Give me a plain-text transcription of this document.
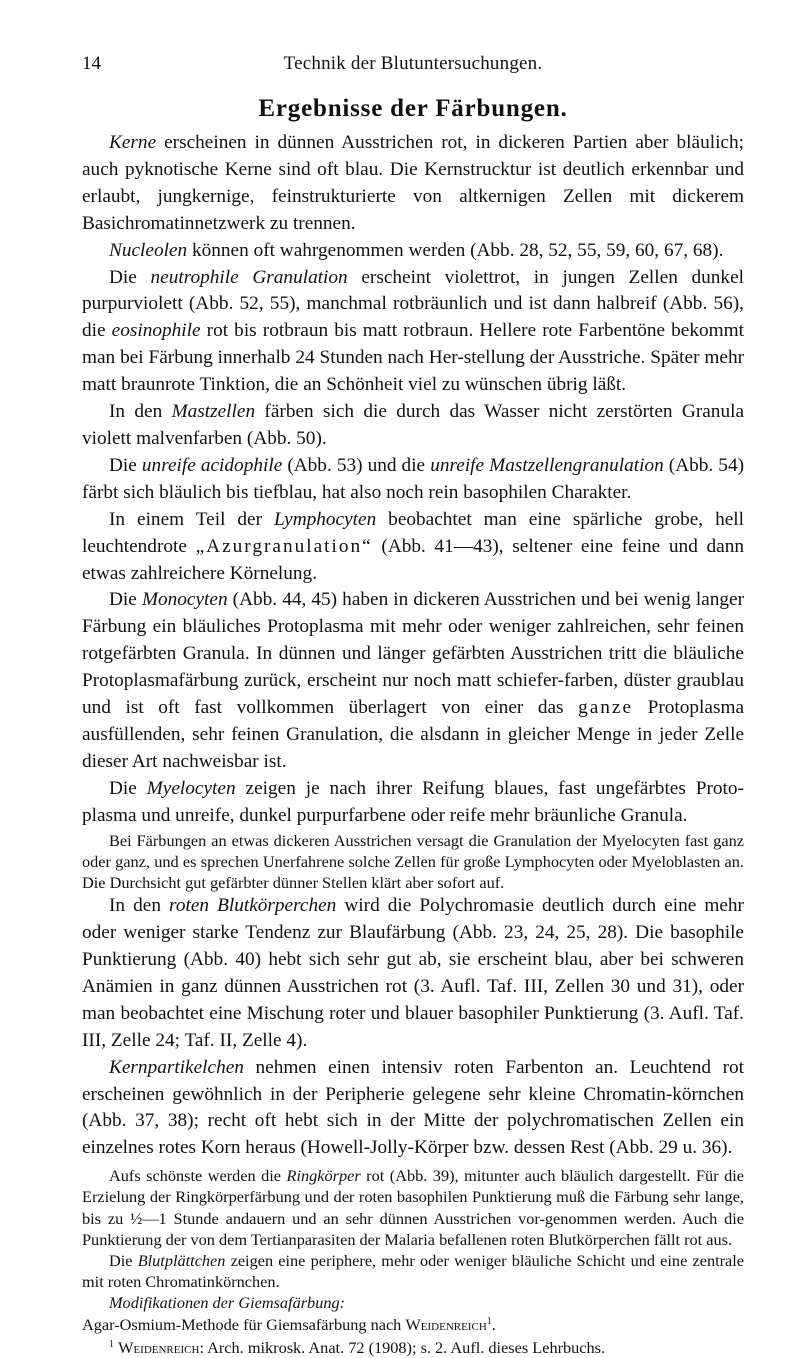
14	Technik der Blutuntersuchungen.
Ergebnisse der Färbungen.

Kerne erscheinen in dünnen Ausstrichen rot, in dickeren Partien aber bläulich; auch pyknotische Kerne sind oft blau. Die Kernstrucktur ist deutlich erkennbar und erlaubt, jungkernige, feinstrukturierte von altkernigen Zellen mit dickerem Basichromatinnetzwerk zu trennen.

Nucleolen können oft wahrgenommen werden (Abb. 28, 52, 55, 59, 60, 67, 68).

Die neutrophile Granulation erscheint violettrot, in jungen Zellen dunkel purpurviolett (Abb. 52, 55), manchmal rotbräunlich und ist dann halbreif (Abb. 56), die eosinophile rot bis rotbraun bis matt rotbraun. Hellere rote Farbentöne bekommt man bei Färbung innerhalb 24 Stunden nach Her-stellung der Ausstriche. Später mehr matt braunrote Tinktion, die an Schönheit viel zu wünschen übrig läßt.

In den Mastzellen färben sich die durch das Wasser nicht zerstörten Granula violett malvenfarben (Abb. 50).

Die unreife acidophile (Abb. 53) und die unreife Mastzellengranulation (Abb. 54) färbt sich bläulich bis tiefblau, hat also noch rein basophilen Charakter.

In einem Teil der Lymphocyten beobachtet man eine spärliche grobe, hell leuchtendrote „Azurgranulation“ (Abb. 41—43), seltener eine feine und dann etwas zahlreichere Körnelung.

Die Monocyten (Abb. 44, 45) haben in dickeren Ausstrichen und bei wenig langer Färbung ein bläuliches Protoplasma mit mehr oder weniger zahlreichen, sehr feinen rotgefärbten Granula. In dünnen und länger gefärbten Ausstrichen tritt die bläuliche Protoplasmafärbung zurück, erscheint nur noch matt schiefer-farben, düster graublau und ist oft fast vollkommen überlagert von einer das ganze Protoplasma ausfüllenden, sehr feinen Granulation, die alsdann in gleicher Menge in jeder Zelle dieser Art nachweisbar ist.

Die Myelocyten zeigen je nach ihrer Reifung blaues, fast ungefärbtes Proto-plasma und unreife, dunkel purpurfarbene oder reife mehr bräunliche Granula.

Bei Färbungen an etwas dickeren Ausstrichen versagt die Granulation der Myelocyten fast ganz oder ganz, und es sprechen Unerfahrene solche Zellen für große Lymphocyten oder Myeloblasten an. Die Durchsicht gut gefärbter dünner Stellen klärt aber sofort auf.

In den roten Blutkörperchen wird die Polychromasie deutlich durch eine mehr oder weniger starke Tendenz zur Blaufärbung (Abb. 23, 24, 25, 28). Die basophile Punktierung (Abb. 40) hebt sich sehr gut ab, sie erscheint blau, aber bei schweren Anämien in ganz dünnen Ausstrichen rot (3. Aufl. Taf. III, Zellen 30 und 31), oder man beobachtet eine Mischung roter und blauer basophiler Punktierung (3. Aufl. Taf. III, Zelle 24; Taf. II, Zelle 4).

Kernpartikelchen nehmen einen intensiv roten Farbenton an. Leuchtend rot erscheinen gewöhnlich in der Peripherie gelegene sehr kleine Chromatin-körnchen (Abb. 37, 38); recht oft hebt sich in der Mitte der polychromatischen Zellen ein einzelnes rotes Korn heraus (Howell-Jolly-Körper bzw. dessen Rest (Abb. 29 u. 36).

Aufs schönste werden die Ringkörper rot (Abb. 39), mitunter auch bläulich dargestellt. Für die Erzielung der Ringkörperfärbung und der roten basophilen Punktierung muß die Färbung sehr lange, bis zu ½—1 Stunde andauern und an sehr dünnen Ausstrichen vor-genommen werden. Auch die Punktierung der von dem Tertianparasiten der Malaria befallenen roten Blutkörperchen fällt rot aus.

Die Blutplättchen zeigen eine periphere, mehr oder weniger bläuliche Schicht und eine zentrale mit roten Chromatinkörnchen.

Modifikationen der Giemsafärbung:

Agar-Osmium-Methode für Giemsafärbung nach Weidenreich$^1$.

$^1$ Weidenreich: Arch. mikrosk. Anat. 72 (1908); s. 2. Aufl. dieses Lehrbuchs.
